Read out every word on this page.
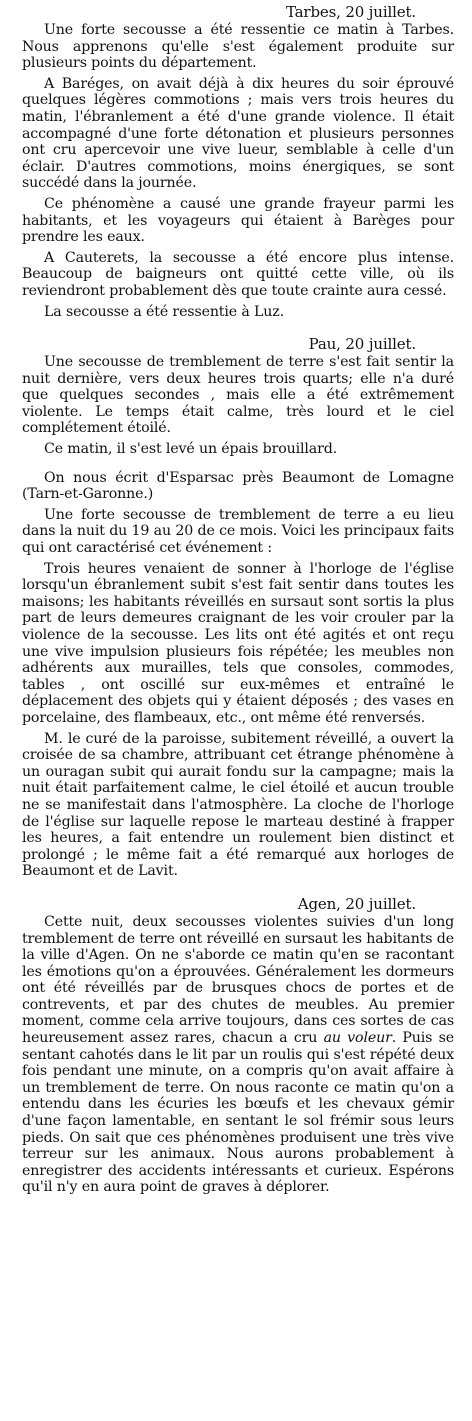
Tarbes, 20 juillet.

Une forte secousse a été ressentie ce matin à Tarbes. Nous apprenons qu'elle s'est également produite sur plusieurs points du département.

A Baréges, on avait déjà à dix heures du soir éprouvé quelques légères commotions ; mais vers trois heures du matin, l'ébranlement a été d'une grande violence. Il était accompagné d'une forte détonation et plusieurs personnes ont cru apercevoir une vive lueur, semblable à celle d'un éclair. D'autres commotions, moins énergiques, se sont succédé dans la journée.

Ce phénomène a causé une grande frayeur parmi les habitants, et les voyageurs qui étaient à Barèges pour prendre les eaux.

A Cauterets, la secousse a été encore plus intense. Beaucoup de baigneurs ont quitté cette ville, où ils reviendront probablement dès que toute crainte aura cessé.

La secousse a été ressentie à Luz.

Pau, 20 juillet.

Une secousse de tremblement de terre s'est fait sentir la nuit dernière, vers deux heures trois quarts; elle n'a duré que quelques secondes , mais elle a été extrêmement violente. Le temps était calme, très lourd et le ciel complétement étoilé.

Ce matin, il s'est levé un épais brouillard.

On nous écrit d'Esparsac près Beaumont de Lomagne (Tarn-et-Garonne.)

Une forte secousse de tremblement de terre a eu lieu dans la nuit du 19 au 20 de ce mois. Voici les principaux faits qui ont caractérisé cet événement :

Trois heures venaient de sonner à l'horloge de l'église lorsqu'un ébranlement subit s'est fait sentir dans toutes les maisons; les habitants réveillés en sursaut sont sortis la plus part de leurs demeures craignant de les voir crouler par la violence de la secousse. Les lits ont été agités et ont reçu une vive impulsion plusieurs fois répétée; les meubles non adhérents aux murailles, tels que consoles, commodes, tables , ont oscillé sur eux-mêmes et entraîné le déplacement des objets qui y étaient déposés ; des vases en porcelaine, des flambeaux, etc., ont même été renversés.

M. le curé de la paroisse, subitement réveillé, a ouvert la croisée de sa chambre, attribuant cet étrange phénomène à un ouragan subit qui aurait fondu sur la campagne; mais la nuit était parfaitement calme, le ciel étoilé et aucun trouble ne se manifestait dans l'atmosphère. La cloche de l'horloge de l'église sur laquelle repose le marteau destiné à frapper les heures, a fait entendre un roulement bien distinct et prolongé ; le même fait a été remarqué aux horloges de Beaumont et de Lavit.

Agen, 20 juillet.

Cette nuit, deux secousses violentes suivies d'un long tremblement de terre ont réveillé en sursaut les habitants de la ville d'Agen. On ne s'aborde ce matin qu'en se racontant les émotions qu'on a éprouvées. Généralement les dormeurs ont été réveillés par de brusques chocs de portes et de contrevents, et par des chutes de meubles. Au premier moment, comme cela arrive toujours, dans ces sortes de cas heureusement assez rares, chacun a cru au voleur. Puis se sentant cahotés dans le lit par un roulis qui s'est répété deux fois pendant une minute, on a compris qu'on avait affaire à un tremblement de terre. On nous raconte ce matin qu'on a entendu dans les écuries les bœufs et les chevaux gémir d'une façon lamentable, en sentant le sol frémir sous leurs pieds. On sait que ces phénomènes produisent une très vive terreur sur les animaux. Nous aurons probablement à enregistrer des accidents intéressants et curieux. Espérons qu'il n'y en aura point de graves à déplorer.
